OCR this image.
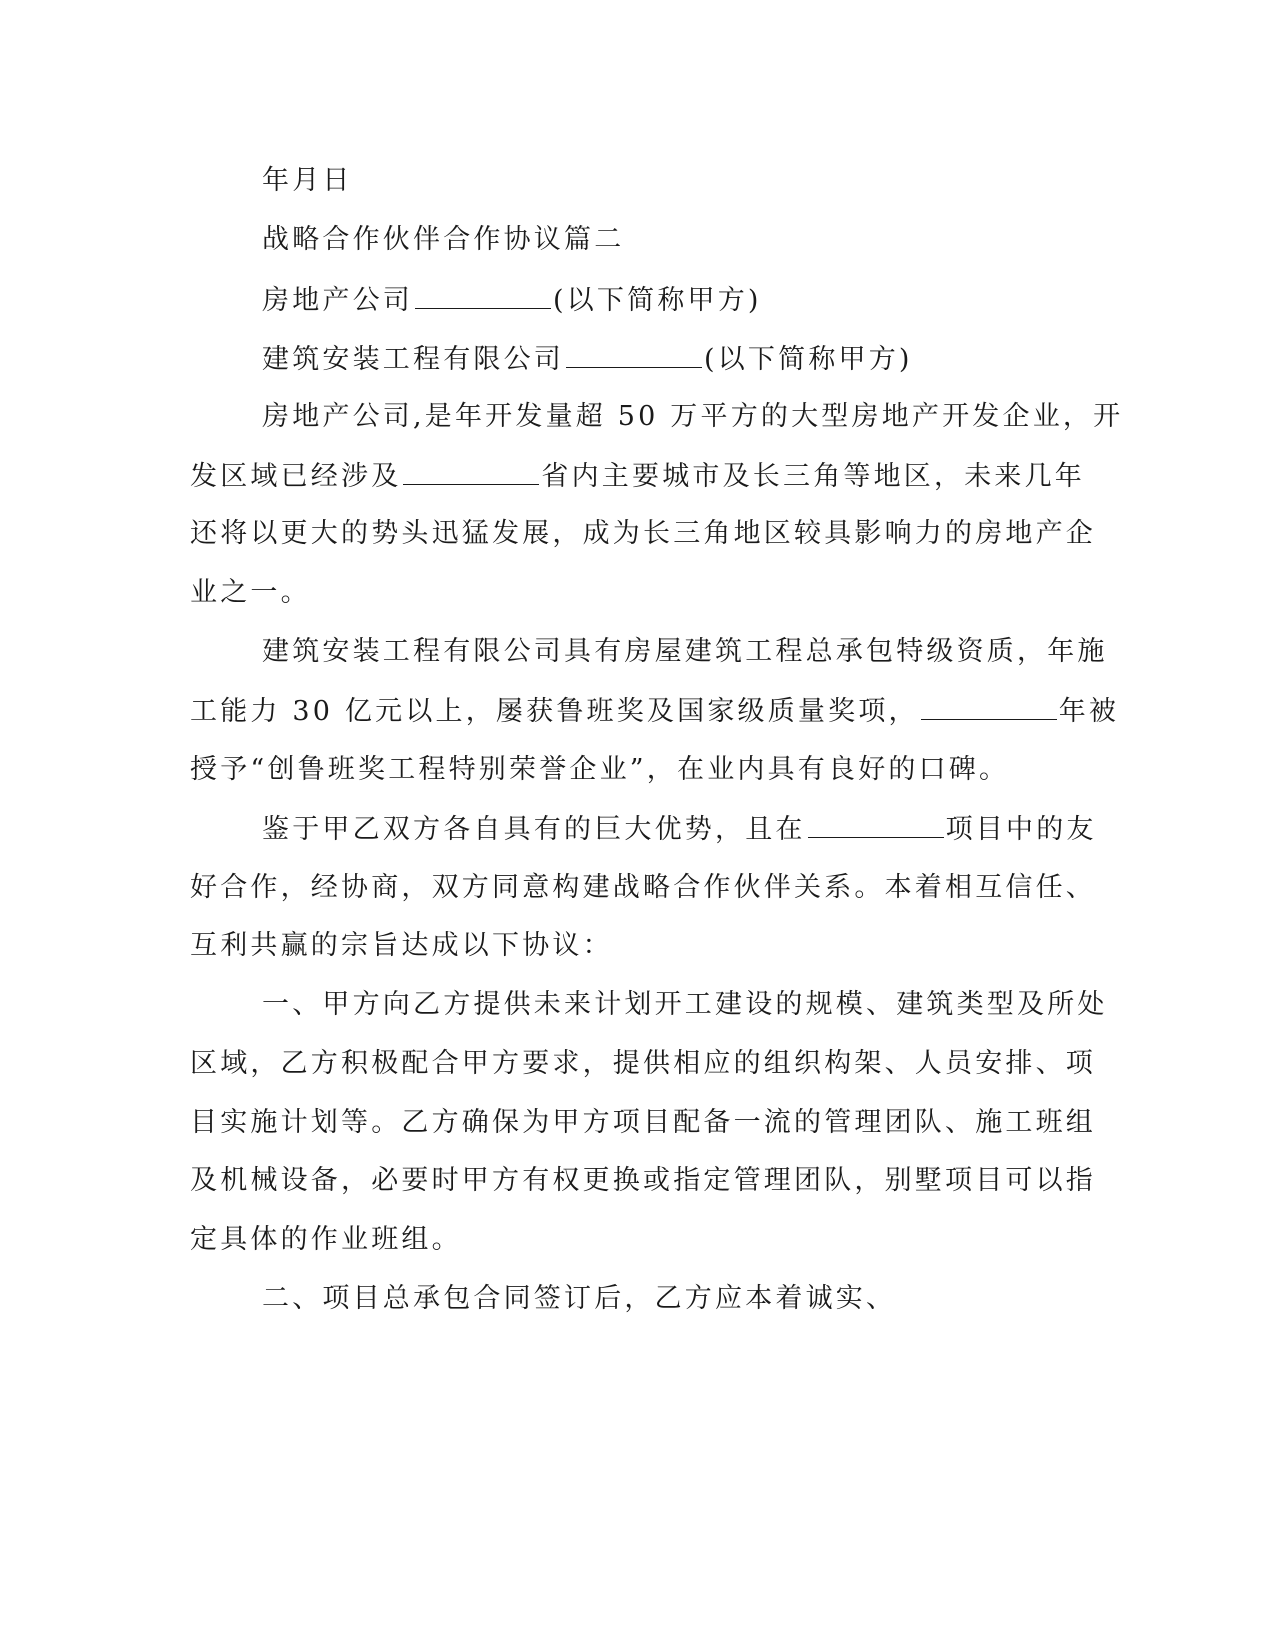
年月日
战略合作伙伴合作协议篇二
房地产公司	(以下简称甲方)
建筑安装工程有限公司	(以下简称甲方)
房地产公司,是年开发量超 50 万平方的大型房地产开发企业，开
发区域已经涉及	省内主要城市及长三角等地区，未来几年
还将以更大的势头迅猛发展，成为长三角地区较具影响力的房地产企
业之一。
建筑安装工程有限公司具有房屋建筑工程总承包特级资质，年施
工能力 30 亿元以上，屡获鲁班奖及国家级质量奖项，	年被
授予“创鲁班奖工程特别荣誉企业”，在业内具有良好的口碑。
鉴于甲乙双方各自具有的巨大优势，且在	项目中的友
好合作，经协商，双方同意构建战略合作伙伴关系。本着相互信任、
互利共赢的宗旨达成以下协议：
一、甲方向乙方提供未来计划开工建设的规模、建筑类型及所处
区域，乙方积极配合甲方要求，提供相应的组织构架、人员安排、项
目实施计划等。乙方确保为甲方项目配备一流的管理团队、施工班组
及机械设备，必要时甲方有权更换或指定管理团队，别墅项目可以指
定具体的作业班组。
二、项目总承包合同签订后，乙方应本着诚实、
